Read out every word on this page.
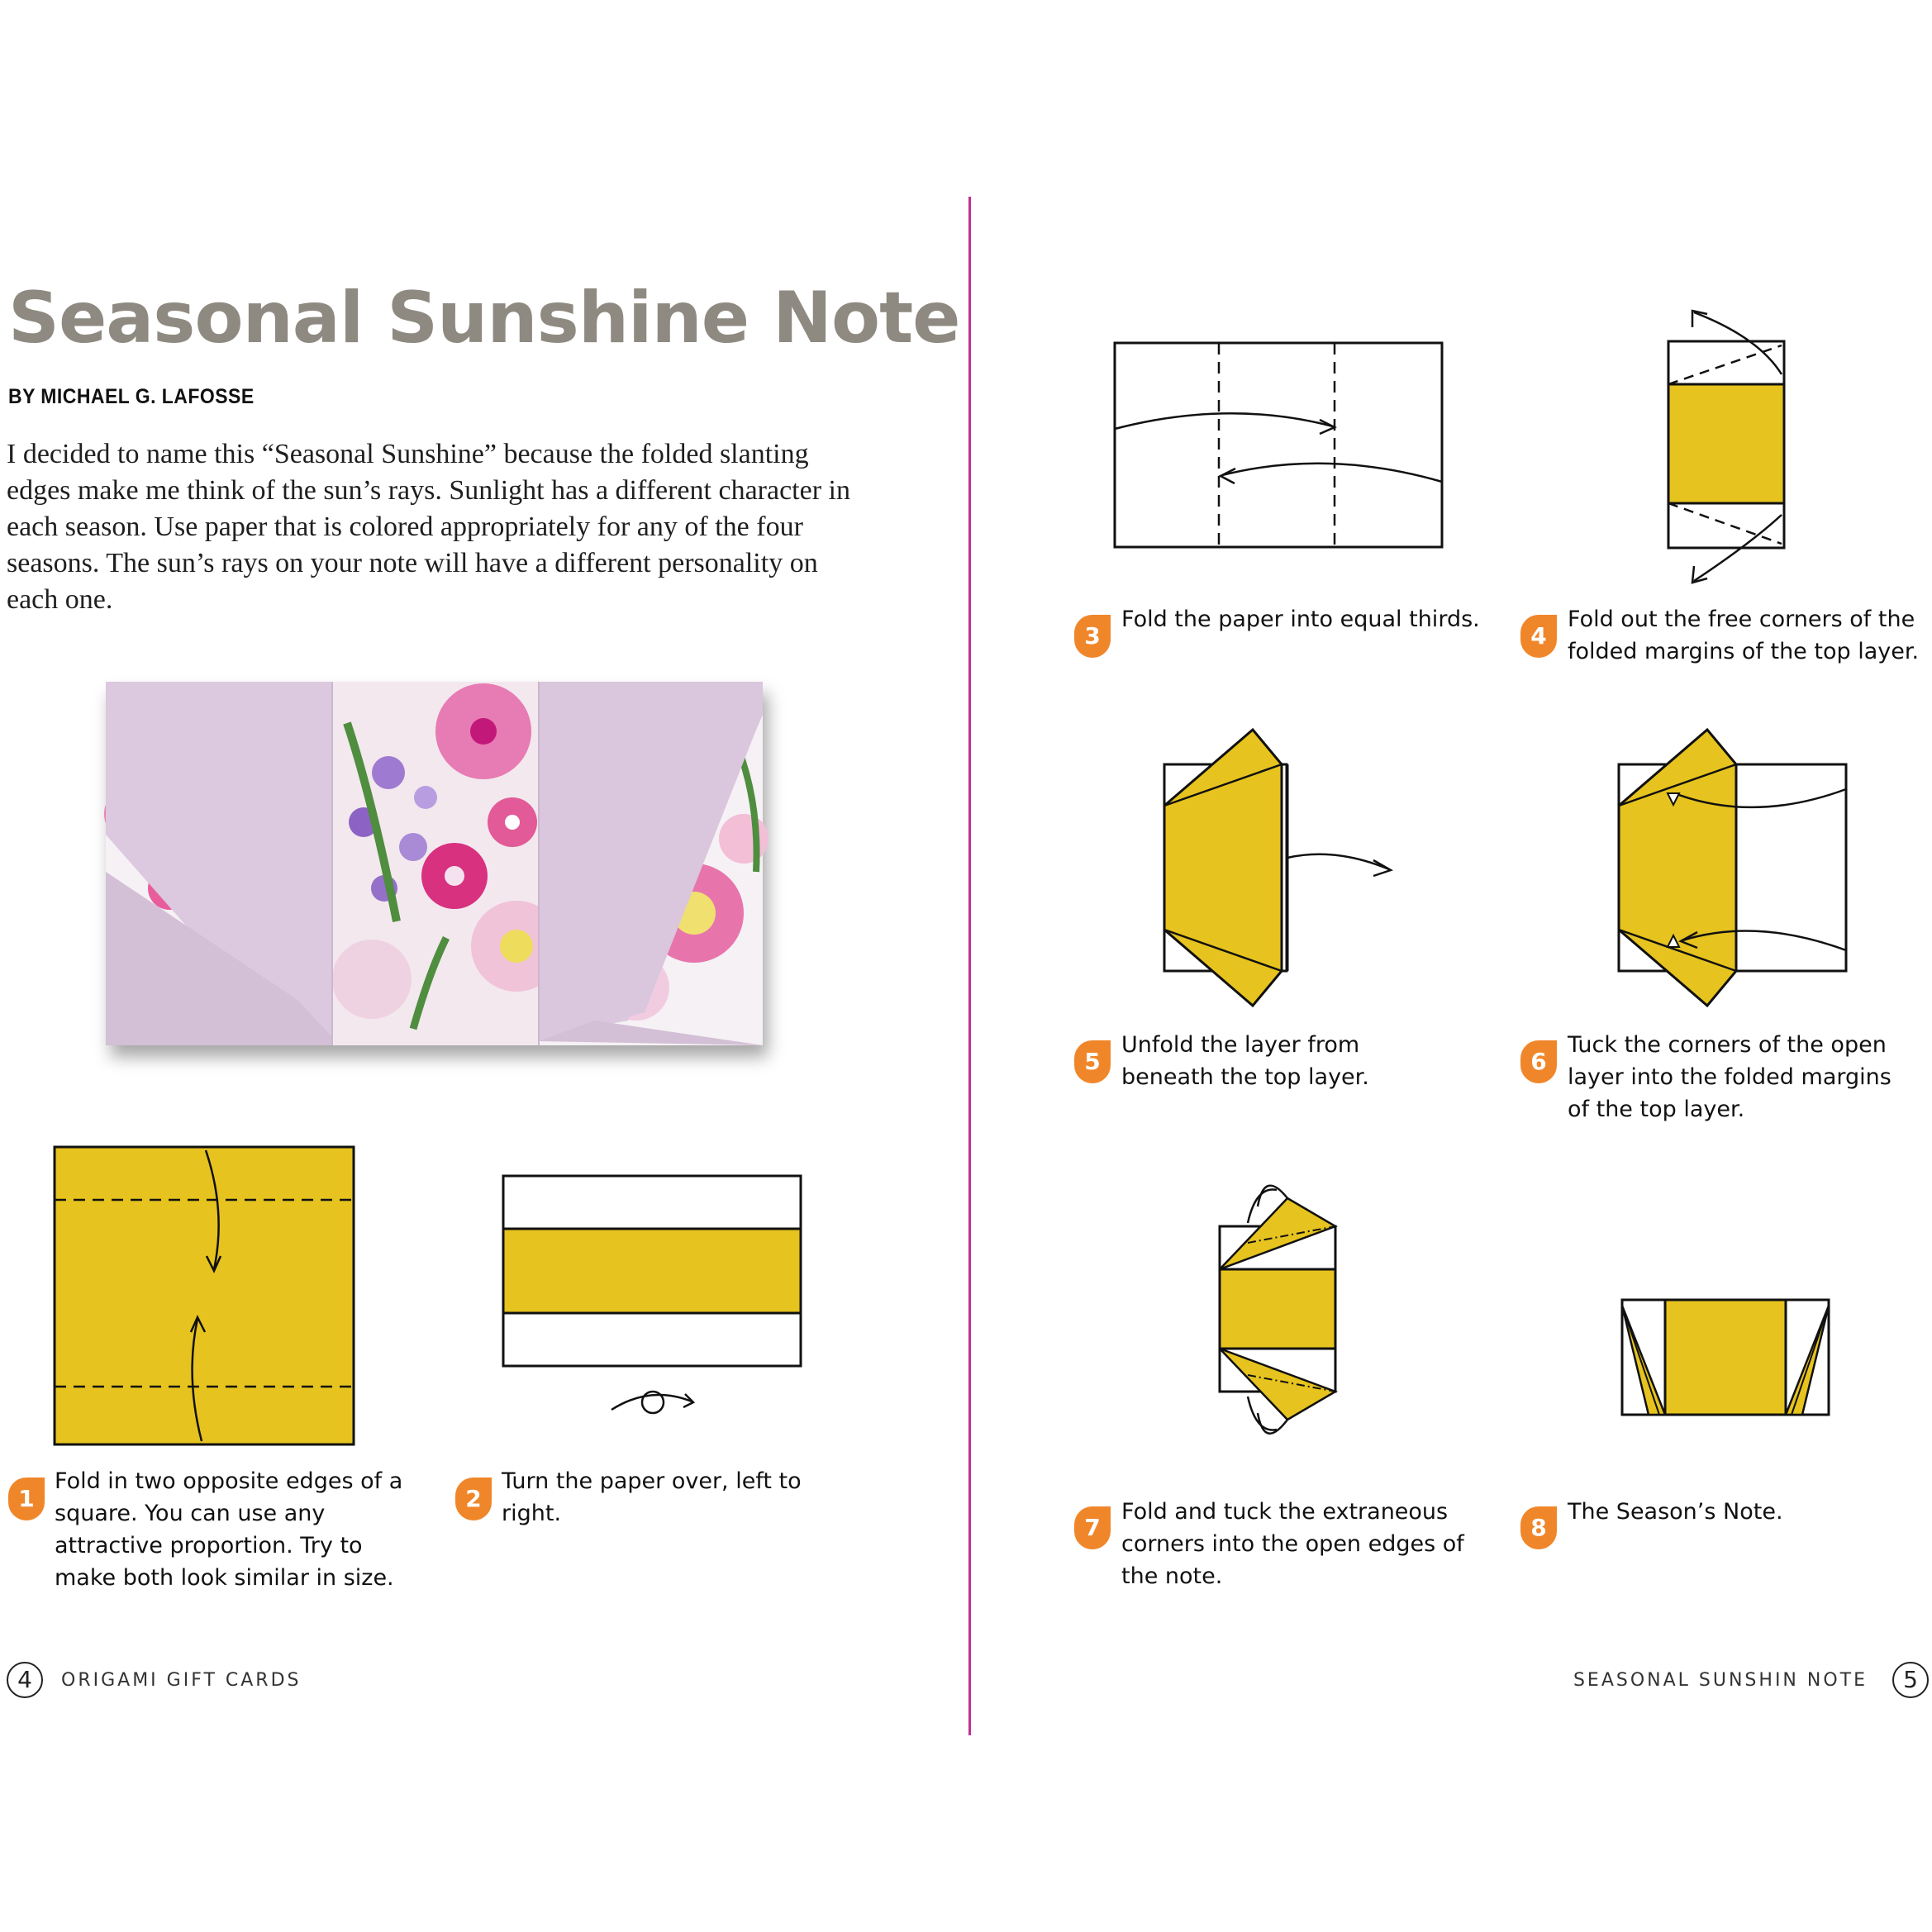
Seasonal Sunshine Note
BY MICHAEL G. LAFOSSE

I decided to name this “Seasonal Sunshine” because the folded slanting edges make me think of the sun’s rays. Sunlight has a different character in each season. Use paper that is colored appropriately for any of the four seasons. The sun’s rays on your note will have a different personality on each one.

1

Fold in two opposite edges of a square. You can use any attractive proportion. Try to make both look similar in size.

2

Turn the paper over, left to right.

4	ORIGAMI GIFT CARDS
3

Fold the paper into equal thirds.

4

Fold out the free corners of the folded margins of the top layer.

5

Unfold the layer from beneath the top layer.

6

Tuck the corners of the open layer into the folded margins of the top layer.

7

Fold and tuck the extraneous corners into the open edges of the note.

8

The Season’s Note.

SEASONAL SUNSHIN NOTE	5
